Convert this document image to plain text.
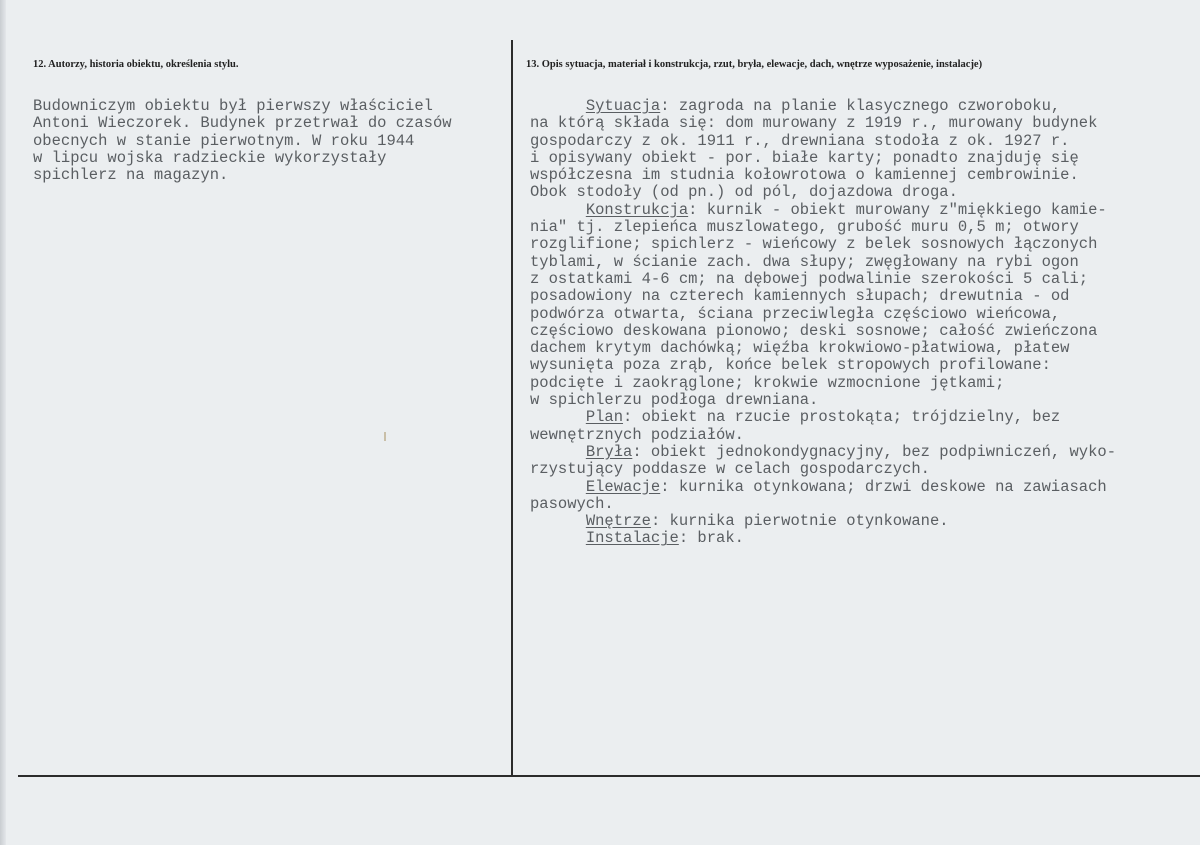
12. Autorzy, historia obiektu, określenia stylu.	13. Opis sytuacja, materiał i konstrukcja, rzut, bryła, elewacje, dach, wnętrze wyposażenie, instalacje)
Budowniczym obiektu był pierwszy właściciel
Antoni Wieczorek. Budynek przetrwał do czasów
obecnych w stanie pierwotnym. W roku 1944
w lipcu wojska radzieckie wykorzystały
spichlerz na magazyn.
Sytuacja: zagroda na planie klasycznego czworoboku,
na którą składa się: dom murowany z 1919 r., murowany budynek
gospodarczy z ok. 1911 r., drewniana stodoła z ok. 1927 r.
i opisywany obiekt - por. białe karty; ponadto znajduję się
współczesna im studnia kołowrotowa o kamiennej cembrowinie.
Obok stodoły (od pn.) od pól, dojazdowa droga.
Konstrukcja: kurnik - obiekt murowany z"miękkiego kamie-
nia" tj. zlepieńca muszlowatego, grubość muru 0,5 m; otwory
rozglifione; spichlerz - wieńcowy z belek sosnowych łączonych
tyblami, w ścianie zach. dwa słupy; zwęgłowany na rybi ogon
z ostatkami 4-6 cm; na dębowej podwalinie szerokości 5 cali;
posadowiony na czterech kamiennych słupach; drewutnia - od
podwórza otwarta, ściana przeciwległa częściowo wieńcowa,
częściowo deskowana pionowo; deski sosnowe; całość zwieńczona
dachem krytym dachówką; więźba krokwiowo-płatwiowa, płatew
wysunięta poza zrąb, końce belek stropowych profilowane:
podcięte i zaokrąglone; krokwie wzmocnione jętkami;
w spichlerzu podłoga drewniana.
Plan: obiekt na rzucie prostokąta; trójdzielny, bez
wewnętrznych podziałów.
Bryła: obiekt jednokondygnacyjny, bez podpiwniczeń, wyko-
rzystujący poddasze w celach gospodarczych.
Elewacje: kurnika otynkowana; drzwi deskowe na zawiasach
pasowych.
Wnętrze: kurnika pierwotnie otynkowane.
Instalacje: brak.
